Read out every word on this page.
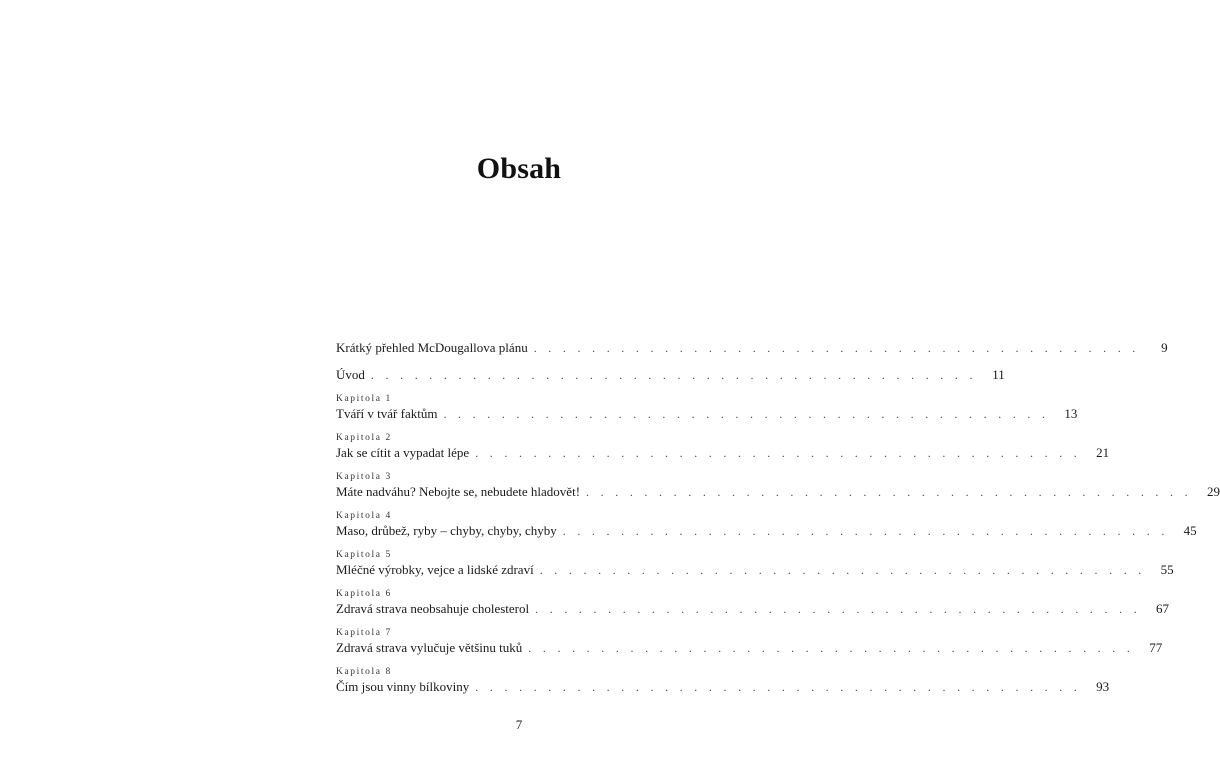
Obsah
Krátký přehled McDougallova plánu . . . . . . . . . . . . . . . . . . . . . . . . . . . . . . . . . . . . . . . . . .	9
Úvod . . . . . . . . . . . . . . . . . . . . . . . . . . . . . . . . . . . . . . . . . .	11
Kapitola 1
Tváří v tvář faktům . . . . . . . . . . . . . . . . . . . . . . . . . . . . . . . . . . . . . . . . . .	13
Kapitola 2
Jak se cítit a vypadat lépe . . . . . . . . . . . . . . . . . . . . . . . . . . . . . . . . . . . . . . . . . .	21
Kapitola 3
Máte nadváhu? Nebojte se, nebudete hladovět! . . . . . . . . . . . . . . . . . . . . . . . . . . . . . . . . . . . . . . . . . .	29
Kapitola 4
Maso, drůbež, ryby – chyby, chyby, chyby . . . . . . . . . . . . . . . . . . . . . . . . . . . . . . . . . . . . . . . . . .	45
Kapitola 5
Mléčné výrobky, vejce a lidské zdraví . . . . . . . . . . . . . . . . . . . . . . . . . . . . . . . . . . . . . . . . . .	55
Kapitola 6
Zdravá strava neobsahuje cholesterol . . . . . . . . . . . . . . . . . . . . . . . . . . . . . . . . . . . . . . . . . .	67
Kapitola 7
Zdravá strava vylučuje většinu tuků . . . . . . . . . . . . . . . . . . . . . . . . . . . . . . . . . . . . . . . . . .	77
Kapitola 8
Čím jsou vinny bílkoviny . . . . . . . . . . . . . . . . . . . . . . . . . . . . . . . . . . . . . . . . . .	93
7
